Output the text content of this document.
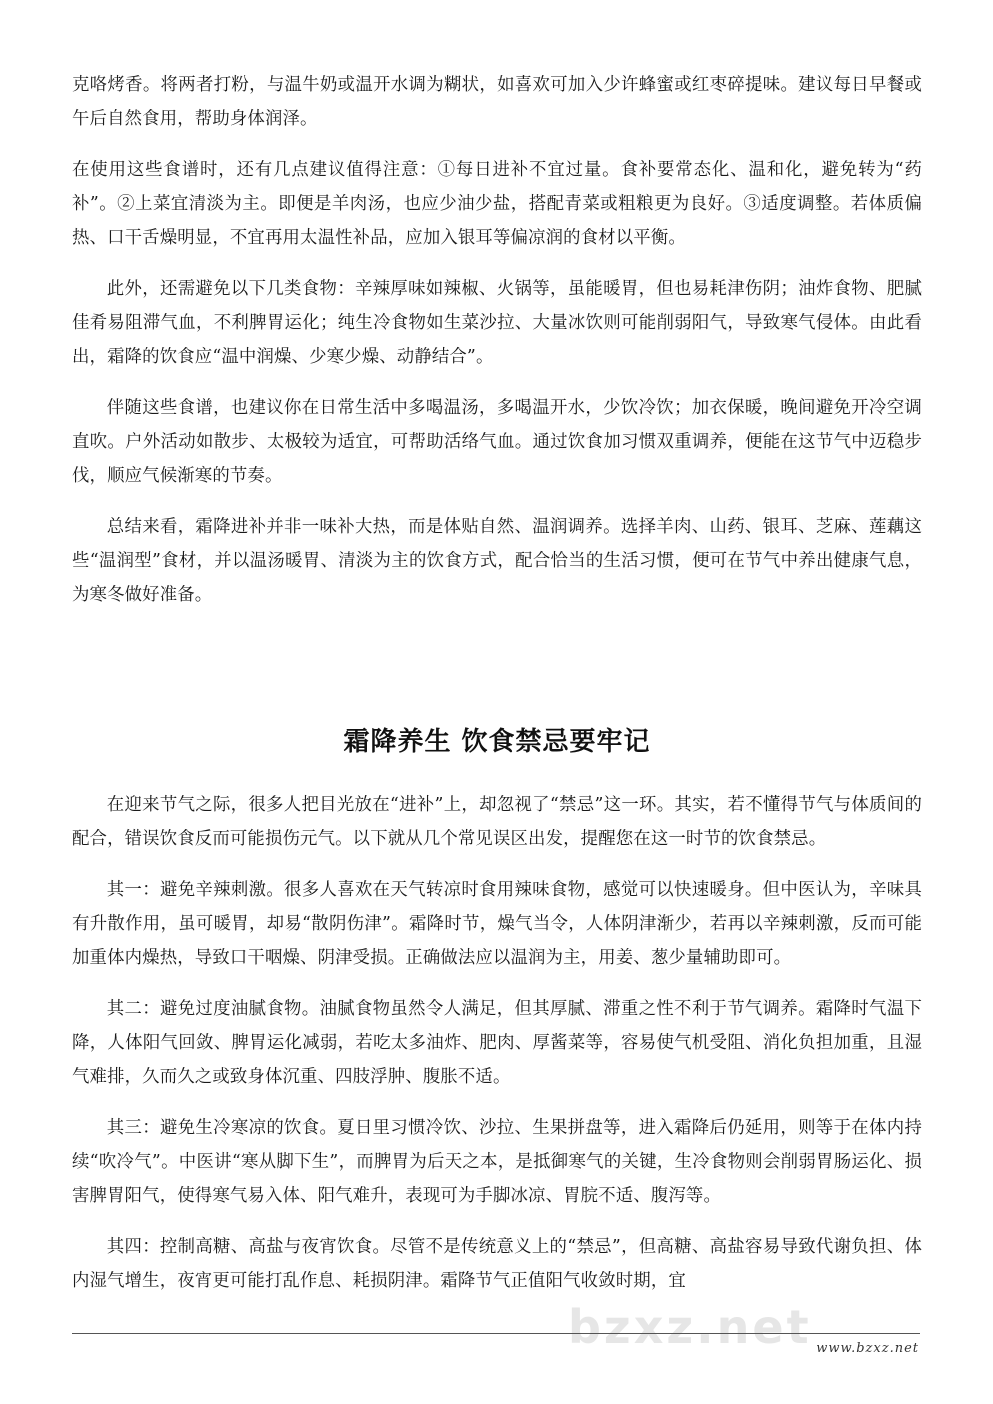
克咯烤香。将两者打粉，与温牛奶或温开水调为糊状，如喜欢可加入少许蜂蜜或红枣碎提味。建议每日早餐或午后自然食用，帮助身体润泽。

在使用这些食谱时，还有几点建议值得注意：①每日进补不宜过量。食补要常态化、温和化，避免转为“药补”。②上菜宜清淡为主。即便是羊肉汤，也应少油少盐，搭配青菜或粗粮更为良好。③适度调整。若体质偏热、口干舌燥明显，不宜再用太温性补品，应加入银耳等偏凉润的食材以平衡。

此外，还需避免以下几类食物：辛辣厚味如辣椒、火锅等，虽能暖胃，但也易耗津伤阴；油炸食物、肥腻佳肴易阻滞气血，不利脾胃运化；纯生冷食物如生菜沙拉、大量冰饮则可能削弱阳气，导致寒气侵体。由此看出，霜降的饮食应“温中润燥、少寒少燥、动静结合”。

伴随这些食谱，也建议你在日常生活中多喝温汤，多喝温开水，少饮冷饮；加衣保暖，晚间避免开冷空调直吹。户外活动如散步、太极较为适宜，可帮助活络气血。通过饮食加习惯双重调养，便能在这节气中迈稳步伐，顺应气候渐寒的节奏。

总结来看，霜降进补并非一味补大热，而是体贴自然、温润调养。选择羊肉、山药、银耳、芝麻、莲藕这些“温润型”食材，并以温汤暖胃、清淡为主的饮食方式，配合恰当的生活习惯，便可在节气中养出健康气息，为寒冬做好准备。

霜降养生 饮食禁忌要牢记

在迎来节气之际，很多人把目光放在“进补”上，却忽视了“禁忌”这一环。其实，若不懂得节气与体质间的配合，错误饮食反而可能损伤元气。以下就从几个常见误区出发，提醒您在这一时节的饮食禁忌。

其一：避免辛辣刺激。很多人喜欢在天气转凉时食用辣味食物，感觉可以快速暖身。但中医认为，辛味具有升散作用，虽可暖胃，却易“散阴伤津”。霜降时节，燥气当令，人体阴津渐少，若再以辛辣刺激，反而可能加重体内燥热，导致口干咽燥、阴津受损。正确做法应以温润为主，用姜、葱少量辅助即可。

其二：避免过度油腻食物。油腻食物虽然令人满足，但其厚腻、滞重之性不利于节气调养。霜降时气温下降，人体阳气回敛、脾胃运化减弱，若吃太多油炸、肥肉、厚酱菜等，容易使气机受阻、消化负担加重，且湿气难排，久而久之或致身体沉重、四肢浮肿、腹胀不适。

其三：避免生冷寒凉的饮食。夏日里习惯冷饮、沙拉、生果拼盘等，进入霜降后仍延用，则等于在体内持续“吹冷气”。中医讲“寒从脚下生”，而脾胃为后天之本，是抵御寒气的关键，生冷食物则会削弱胃肠运化、损害脾胃阳气，使得寒气易入体、阳气难升，表现可为手脚冰凉、胃脘不适、腹泻等。

其四：控制高糖、高盐与夜宵饮食。尽管不是传统意义上的“禁忌”，但高糖、高盐容易导致代谢负担、体内湿气增生，夜宵更可能打乱作息、耗损阴津。霜降节气正值阳气收敛时期，宜

bzxz.net www.bzxz.net
